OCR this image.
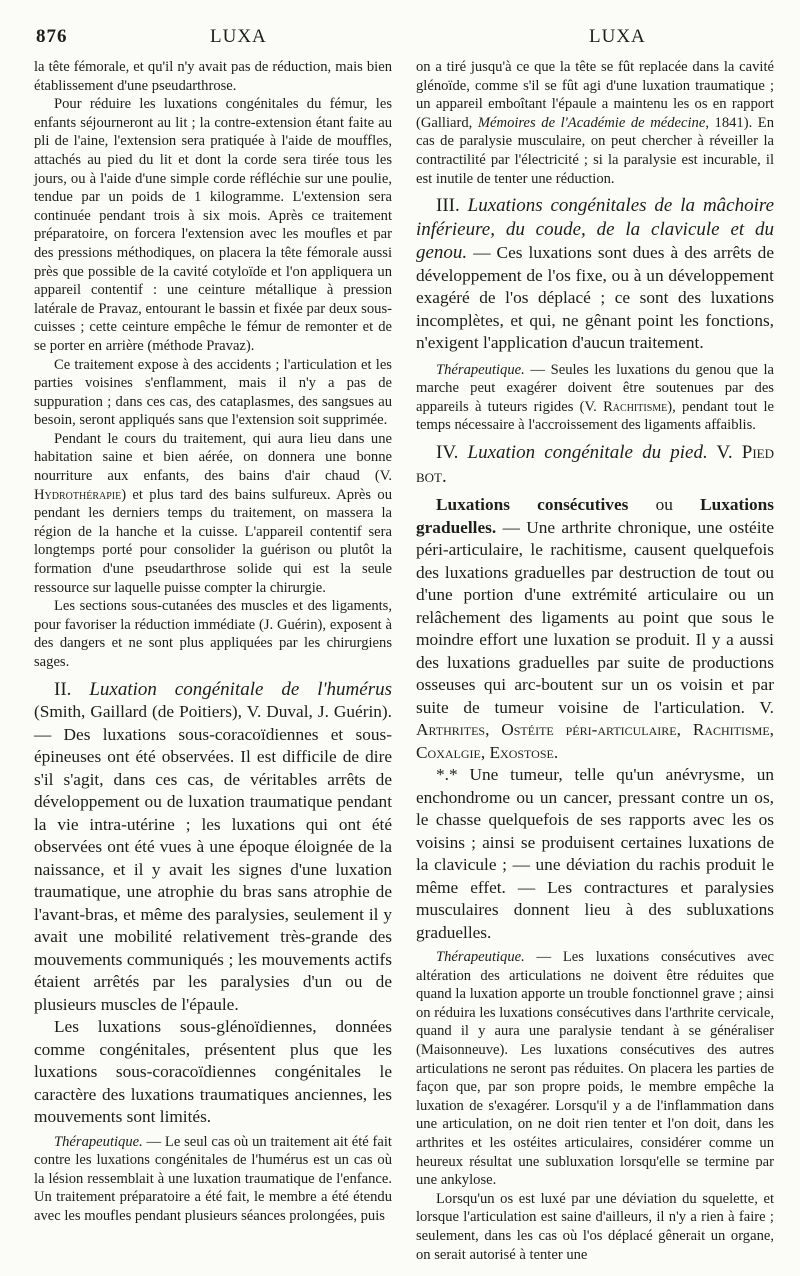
876	LUXA	LUXA

la tête fémorale, et qu'il n'y avait pas de réduction, mais bien établissement d'une pseudarthrose.

Pour réduire les luxations congénitales du fémur, les enfants séjourneront au lit ; la contre-extension étant faite au pli de l'aine, l'extension sera pratiquée à l'aide de mouffles, attachés au pied du lit et dont la corde sera tirée tous les jours, ou à l'aide d'une simple corde réfléchie sur une poulie, tendue par un poids de 1 kilogramme. L'extension sera continuée pendant trois à six mois. Après ce traitement préparatoire, on forcera l'extension avec les moufles et par des pressions méthodiques, on placera la tête fémorale aussi près que possible de la cavité cotyloïde et l'on appliquera un appareil contentif : une ceinture métallique à pression latérale de Pravaz, entourant le bassin et fixée par deux sous-cuisses ; cette ceinture empêche le fémur de remonter et de se porter en arrière (méthode Pravaz).

Ce traitement expose à des accidents ; l'articulation et les parties voisines s'enflamment, mais il n'y a pas de suppuration ; dans ces cas, des cataplasmes, des sangsues au besoin, seront appliqués sans que l'extension soit supprimée.

Pendant le cours du traitement, qui aura lieu dans une habitation saine et bien aérée, on donnera une bonne nourriture aux enfants, des bains d'air chaud (V. Hydrothérapie) et plus tard des bains sulfureux. Après ou pendant les derniers temps du traitement, on massera la région de la hanche et la cuisse. L'appareil contentif sera longtemps porté pour consolider la guérison ou plutôt la formation d'une pseudarthrose solide qui est la seule ressource sur laquelle puisse compter la chirurgie.

Les sections sous-cutanées des muscles et des ligaments, pour favoriser la réduction immédiate (J. Guérin), exposent à des dangers et ne sont plus appliquées par les chirurgiens sages.

II. Luxation congénitale de l'humérus (Smith, Gaillard (de Poitiers), V. Duval, J. Guérin). — Des luxations sous-coracoïdiennes et sous-épineuses ont été observées. Il est difficile de dire s'il s'agit, dans ces cas, de véritables arrêts de développement ou de luxation traumatique pendant la vie intra-utérine ; les luxations qui ont été observées ont été vues à une époque éloignée de la naissance, et il y avait les signes d'une luxation traumatique, une atrophie du bras sans atrophie de l'avant-bras, et même des paralysies, seulement il y avait une mobilité relativement très-grande des mouvements communiqués ; les mouvements actifs étaient arrêtés par les paralysies d'un ou de plusieurs muscles de l'épaule.

Les luxations sous-glénoïdiennes, données comme congénitales, présentent plus que les luxations sous-coracoïdiennes congénitales le caractère des luxations traumatiques anciennes, les mouvements sont limités.

Thérapeutique. — Le seul cas où un traitement ait été fait contre les luxations congénitales de l'humérus est un cas où la lésion ressemblait à une luxation traumatique de l'enfance. Un traitement préparatoire a été fait, le membre a été étendu avec les moufles pendant plusieurs séances prolongées, puis

on a tiré jusqu'à ce que la tête se fût replacée dans la cavité glénoïde, comme s'il se fût agi d'une luxation traumatique ; un appareil emboîtant l'épaule a maintenu les os en rapport (Galliard, Mémoires de l'Académie de médecine, 1841). En cas de paralysie musculaire, on peut chercher à réveiller la contractilité par l'électricité ; si la paralysie est incurable, il est inutile de tenter une réduction.

III. Luxations congénitales de la mâchoire inférieure, du coude, de la clavicule et du genou. — Ces luxations sont dues à des arrêts de développement de l'os fixe, ou à un développement exagéré de l'os déplacé ; ce sont des luxations incomplètes, et qui, ne gênant point les fonctions, n'exigent l'application d'aucun traitement.

Thérapeutique. — Seules les luxations du genou que la marche peut exagérer doivent être soutenues par des appareils à tuteurs rigides (V. Rachitisme), pendant tout le temps nécessaire à l'accroissement des ligaments affaiblis.

IV. Luxation congénitale du pied. V. Pied bot.

Luxations consécutives ou Luxations graduelles. — Une arthrite chronique, une ostéite péri-articulaire, le rachitisme, causent quelquefois des luxations graduelles par destruction de tout ou d'une portion d'une extrémité articulaire ou un relâchement des ligaments au point que sous le moindre effort une luxation se produit. Il y a aussi des luxations graduelles par suite de productions osseuses qui arc-boutent sur un os voisin et par suite de tumeur voisine de l'articulation. V. Arthrites, Ostéite péri-articulaire, Rachitisme, Coxalgie, Exostose.

*.* Une tumeur, telle qu'un anévrysme, un enchondrome ou un cancer, pressant contre un os, le chasse quelquefois de ses rapports avec les os voisins ; ainsi se produisent certaines luxations de la clavicule ; — une déviation du rachis produit le même effet. — Les contractures et paralysies musculaires donnent lieu à des subluxations graduelles.

Thérapeutique. — Les luxations consécutives avec altération des articulations ne doivent être réduites que quand la luxation apporte un trouble fonctionnel grave ; ainsi on réduira les luxations consécutives dans l'arthrite cervicale, quand il y aura une paralysie tendant à se généraliser (Maisonneuve). Les luxations consécutives des autres articulations ne seront pas réduites. On placera les parties de façon que, par son propre poids, le membre empêche la luxation de s'exagérer. Lorsqu'il y a de l'inflammation dans une articulation, on ne doit rien tenter et l'on doit, dans les arthrites et les ostéites articulaires, considérer comme un heureux résultat une subluxation lorsqu'elle se termine par une ankylose.

Lorsqu'un os est luxé par une déviation du squelette, et lorsque l'articulation est saine d'ailleurs, il n'y a rien à faire ; seulement, dans les cas où l'os déplacé gênerait un organe, on serait autorisé à tenter une
